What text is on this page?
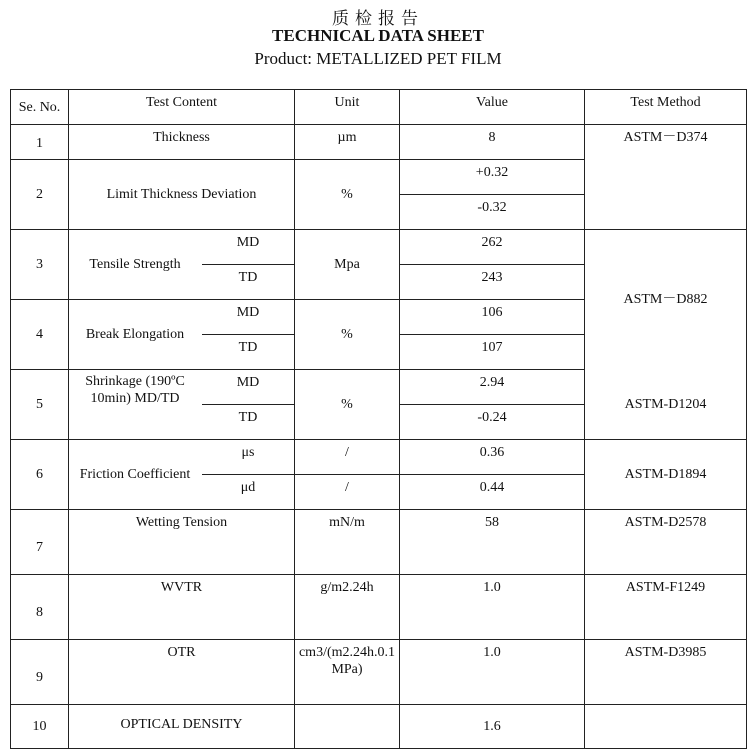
质检报告
TECHNICAL DATA SHEET
Product: METALLIZED PET FILM
Se. No.	Test Content		Unit	Value	Test Method
1	Thickness		µm	8	ASTM－D374
2	Limit Thickness Deviation		%	+0.32	
				-0.32	
3	Tensile Strength	MD	Mpa	262	ASTM－D882
		TD		243	
4	Break Elongation	MD	%	106	
		TD		107	
5	Shrinkage (190ºC 10min) MD/TD	MD	%	2.94	ASTM-D1204
		TD		-0.24	
6	Friction Coefficient	μs	/	0.36	ASTM-D1894
		μd	/	0.44	
7	Wetting Tension		mN/m	58	ASTM-D2578
8	WVTR		g/m2.24h	1.0	ASTM-F1249
9	OTR		cm3/(m2.24h.0.1MPa)	1.0	ASTM-D3985
10	OPTICAL DENSITY			1.6	
